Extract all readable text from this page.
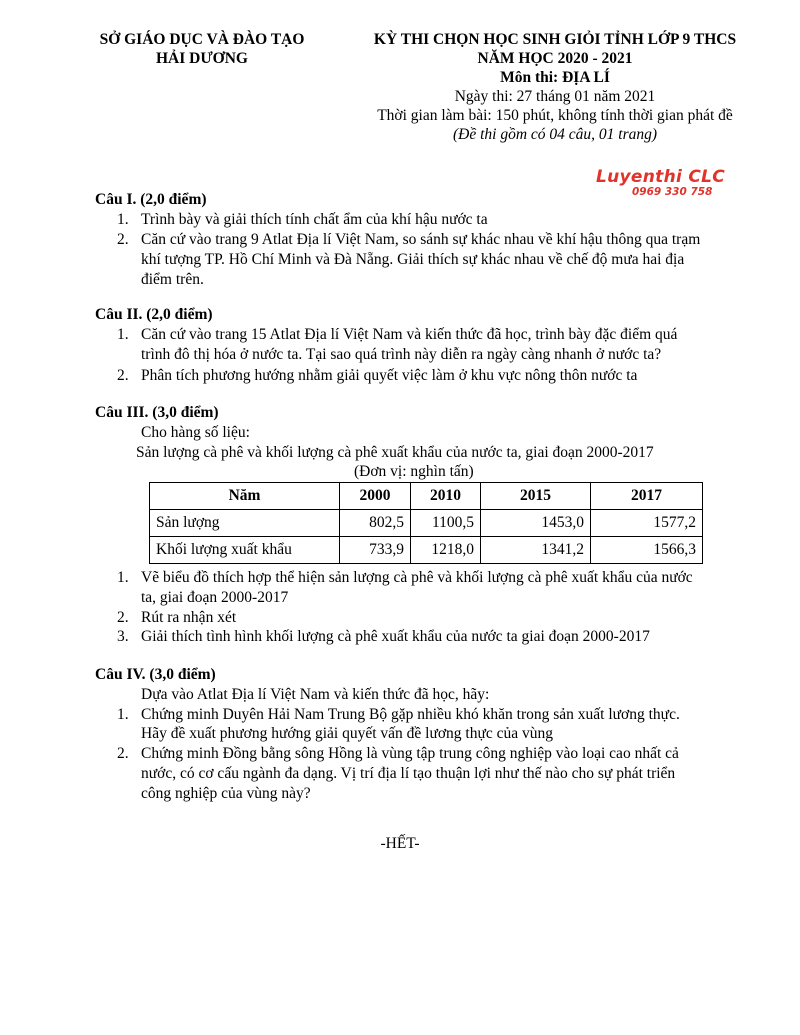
SỞ GIÁO DỤC VÀ ĐÀO TẠO
HẢI DƯƠNG
KỲ THI CHỌN HỌC SINH GIỎI TỈNH LỚP 9 THCS
NĂM HỌC 2020 - 2021
Môn thi: ĐỊA LÍ
Ngày thi: 27 tháng 01 năm 2021
Thời gian làm bài: 150 phút, không tính thời gian phát đề
(Đề thi gồm có 04 câu, 01 trang)
Luyenthi CLC
0969 330 758
Câu I. (2,0 điểm)
1. Trình bày và giải thích tính chất ẩm của khí hậu nước ta
2. Căn cứ vào trang 9 Atlat Địa lí Việt Nam, so sánh sự khác nhau về khí hậu thông qua trạm
khí tượng TP. Hồ Chí Minh và Đà Nẵng. Giải thích sự khác nhau về chế độ mưa hai địa
điểm trên.
Câu II. (2,0 điểm)
1. Căn cứ vào trang 15 Atlat Địa lí Việt Nam và kiến thức đã học, trình bày đặc điểm quá
trình đô thị hóa ở nước ta. Tại sao quá trình này diễn ra ngày càng nhanh ở nước ta?
2. Phân tích phương hướng nhằm giải quyết việc làm ở khu vực nông thôn nước ta
Câu III. (3,0 điểm)
Cho hàng số liệu:
Sản lượng cà phê và khối lượng cà phê xuất khẩu của nước ta, giai đoạn 2000-2017
(Đơn vị: nghìn tấn)
Năm	2000	2010	2015	2017
Sản lượng	802,5	1100,5	1453,0	1577,2
Khối lượng xuất khẩu	733,9	1218,0	1341,2	1566,3
1. Vẽ biểu đồ thích hợp thể hiện sản lượng cà phê và khối lượng cà phê xuất khẩu của nước
ta, giai đoạn 2000-2017
2. Rút ra nhận xét
3. Giải thích tình hình khối lượng cà phê xuất khẩu của nước ta giai đoạn 2000-2017
Câu IV. (3,0 điểm)
Dựa vào Atlat Địa lí Việt Nam và kiến thức đã học, hãy:
1. Chứng minh Duyên Hải Nam Trung Bộ gặp nhiều khó khăn trong sản xuất lương thực.
Hãy đề xuất phương hướng giải quyết vấn đề lương thực của vùng
2. Chứng minh Đồng bằng sông Hồng là vùng tập trung công nghiệp vào loại cao nhất cả
nước, có cơ cấu ngành đa dạng. Vị trí địa lí tạo thuận lợi như thế nào cho sự phát triển
công nghiệp của vùng này?
-HẾT-
